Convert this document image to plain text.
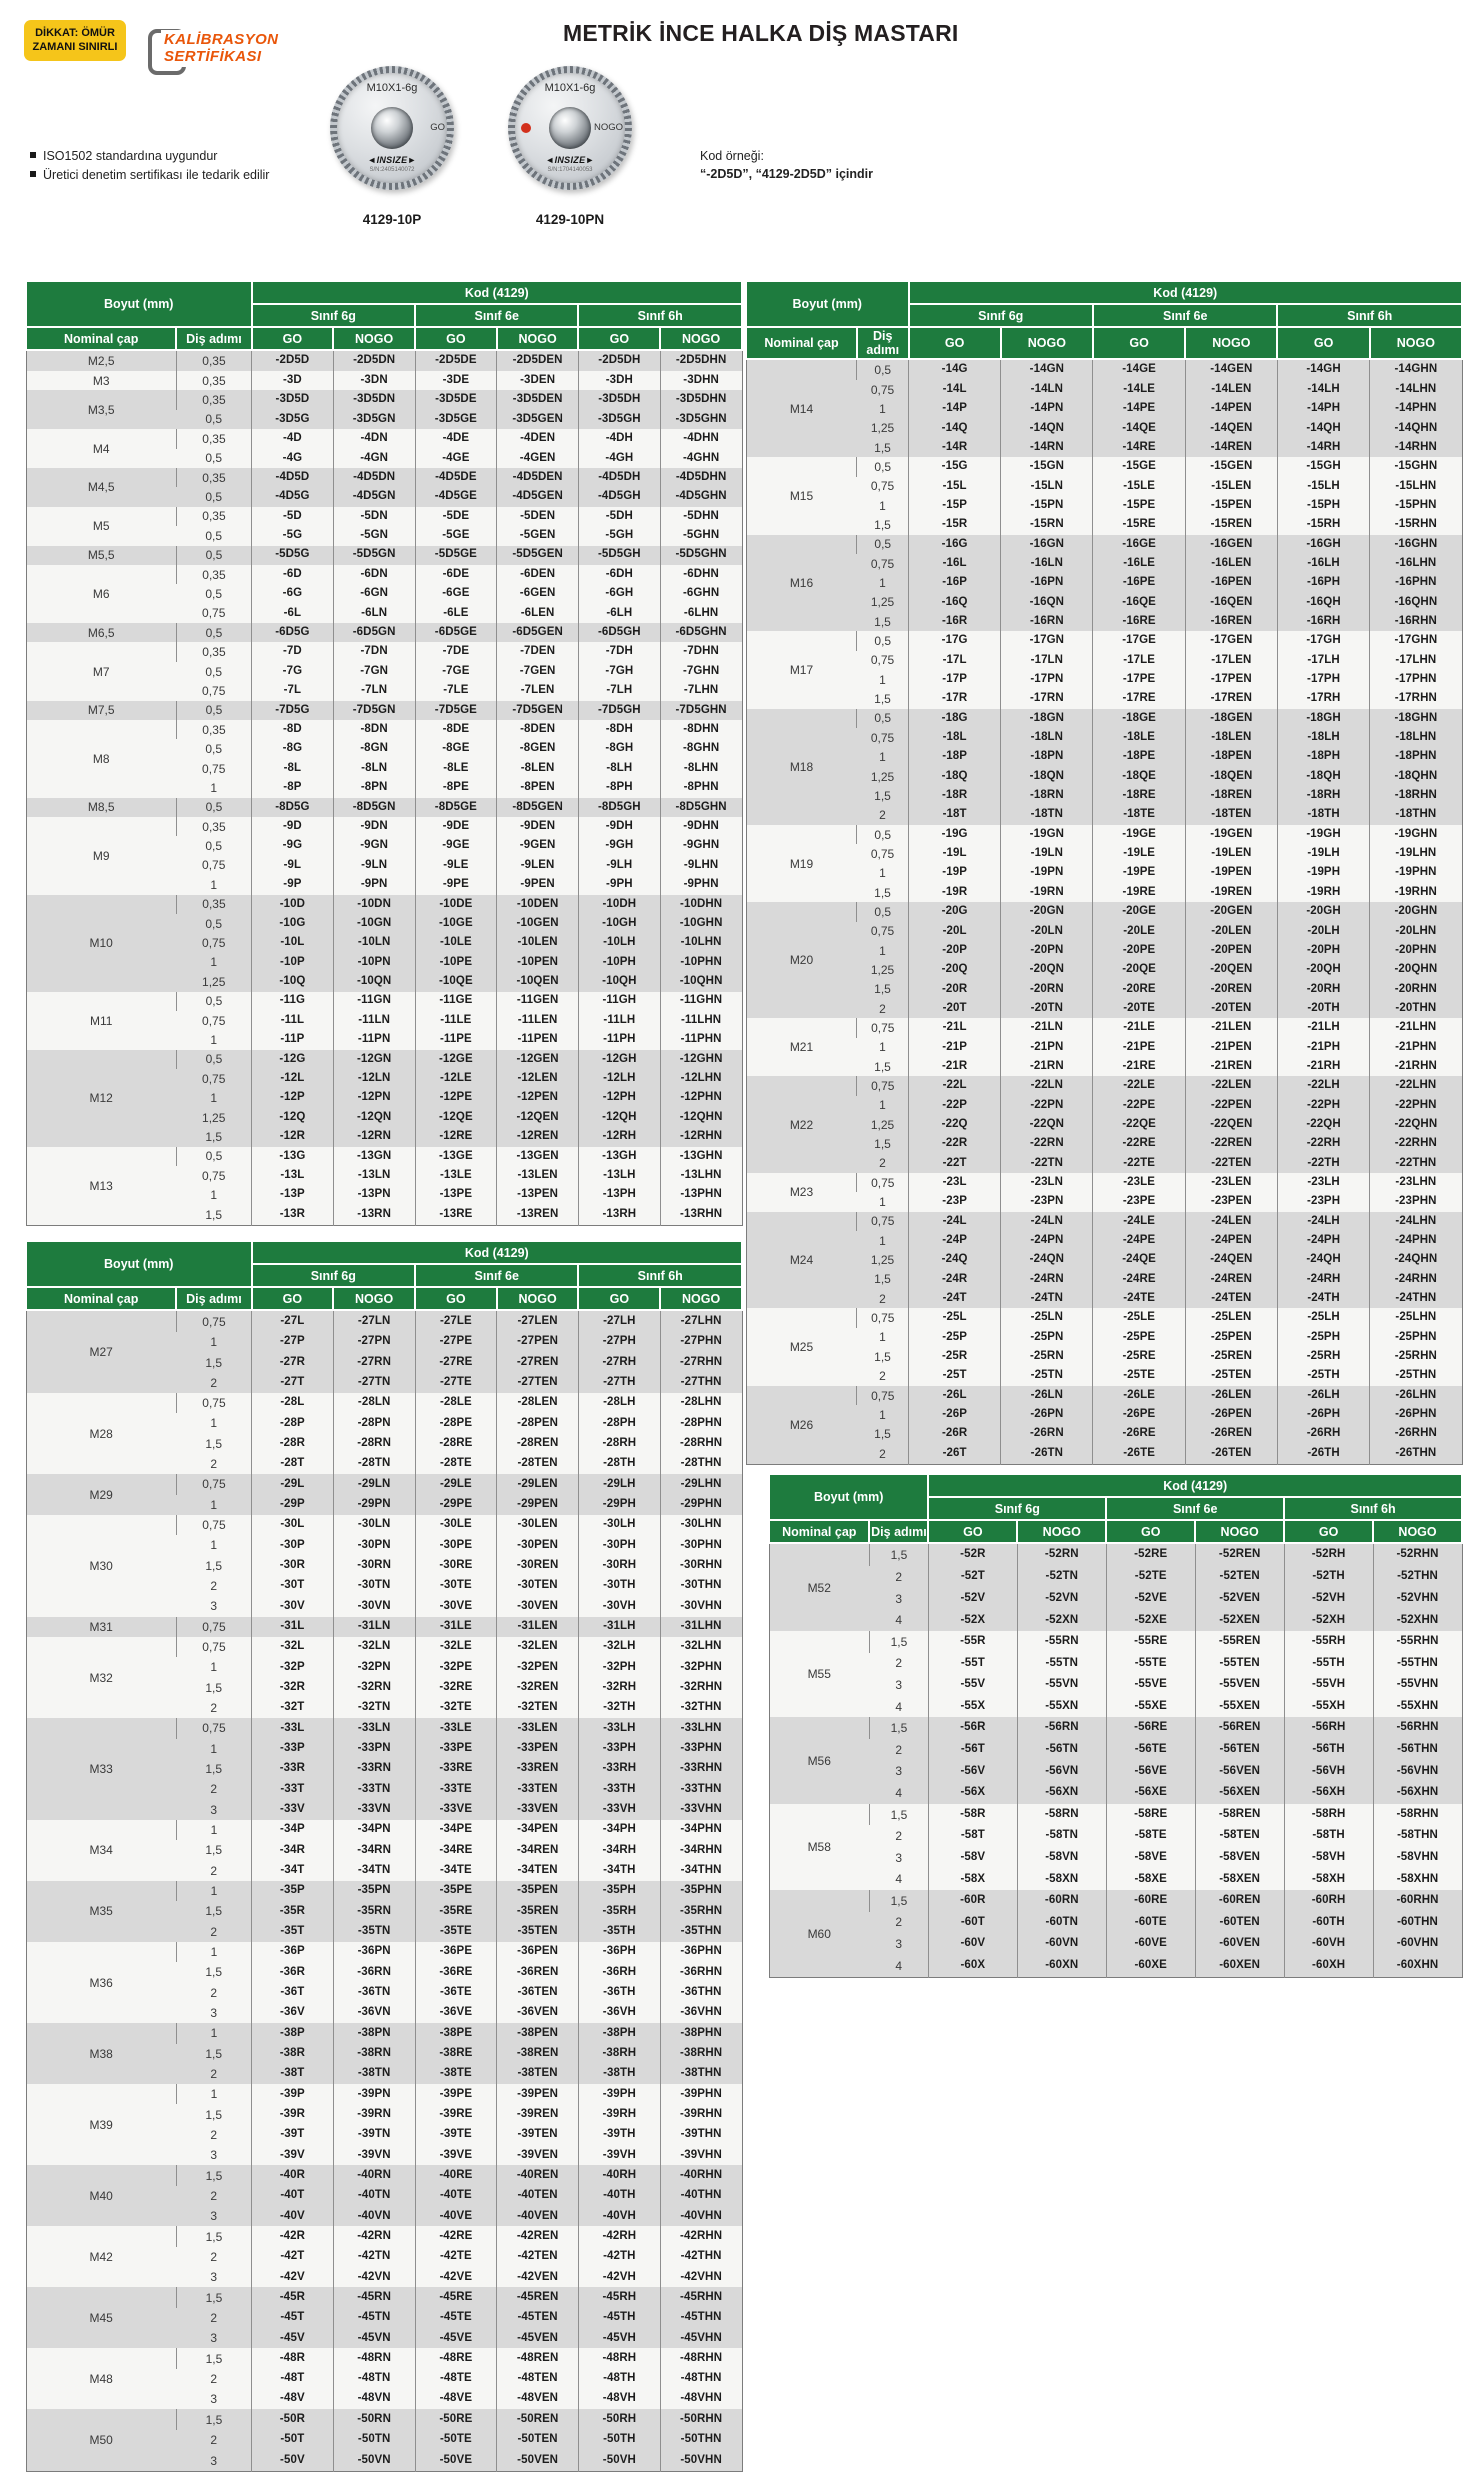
DİKKAT: ÖMÜR
ZAMANI SINIRLI	KALİBRASYON
SERTİFİKASI
METRİK İNCE HALKA DİŞ MASTARI
M10X1-6g
GO
◄INSIZE►
S/N:2405140072
4129-10P
M10X1-6g
NOGO
◄INSIZE►
S/N:1704140053
4129-10PN
ISO1502 standardına uygundur
Üretici denetim sertifikası ile tedarik edilir
Kod örneği:
“-2D5D”, “4129-2D5D” içindir
Boyut (mm)		Kod (4129)					
		Sınıf 6g		Sınıf 6e		Sınıf 6h	
Nominal çap	Diş adımı	GO	NOGO	GO	NOGO	GO	NOGO
M2,5	0,35	-2D5D	-2D5DN	-2D5DE	-2D5DEN	-2D5DH	-2D5DHN
M3	0,35	-3D	-3DN	-3DE	-3DEN	-3DH	-3DHN
M3,5	0,35	-3D5D	-3D5DN	-3D5DE	-3D5DEN	-3D5DH	-3D5DHN
	0,5	-3D5G	-3D5GN	-3D5GE	-3D5GEN	-3D5GH	-3D5GHN
M4	0,35	-4D	-4DN	-4DE	-4DEN	-4DH	-4DHN
	0,5	-4G	-4GN	-4GE	-4GEN	-4GH	-4GHN
M4,5	0,35	-4D5D	-4D5DN	-4D5DE	-4D5DEN	-4D5DH	-4D5DHN
	0,5	-4D5G	-4D5GN	-4D5GE	-4D5GEN	-4D5GH	-4D5GHN
M5	0,35	-5D	-5DN	-5DE	-5DEN	-5DH	-5DHN
	0,5	-5G	-5GN	-5GE	-5GEN	-5GH	-5GHN
M5,5	0,5	-5D5G	-5D5GN	-5D5GE	-5D5GEN	-5D5GH	-5D5GHN
M6	0,35	-6D	-6DN	-6DE	-6DEN	-6DH	-6DHN
	0,5	-6G	-6GN	-6GE	-6GEN	-6GH	-6GHN
	0,75	-6L	-6LN	-6LE	-6LEN	-6LH	-6LHN
M6,5	0,5	-6D5G	-6D5GN	-6D5GE	-6D5GEN	-6D5GH	-6D5GHN
M7	0,35	-7D	-7DN	-7DE	-7DEN	-7DH	-7DHN
	0,5	-7G	-7GN	-7GE	-7GEN	-7GH	-7GHN
	0,75	-7L	-7LN	-7LE	-7LEN	-7LH	-7LHN
M7,5	0,5	-7D5G	-7D5GN	-7D5GE	-7D5GEN	-7D5GH	-7D5GHN
M8	0,35	-8D	-8DN	-8DE	-8DEN	-8DH	-8DHN
	0,5	-8G	-8GN	-8GE	-8GEN	-8GH	-8GHN
	0,75	-8L	-8LN	-8LE	-8LEN	-8LH	-8LHN
	1	-8P	-8PN	-8PE	-8PEN	-8PH	-8PHN
M8,5	0,5	-8D5G	-8D5GN	-8D5GE	-8D5GEN	-8D5GH	-8D5GHN
M9	0,35	-9D	-9DN	-9DE	-9DEN	-9DH	-9DHN
	0,5	-9G	-9GN	-9GE	-9GEN	-9GH	-9GHN
	0,75	-9L	-9LN	-9LE	-9LEN	-9LH	-9LHN
	1	-9P	-9PN	-9PE	-9PEN	-9PH	-9PHN
M10	0,35	-10D	-10DN	-10DE	-10DEN	-10DH	-10DHN
	0,5	-10G	-10GN	-10GE	-10GEN	-10GH	-10GHN
	0,75	-10L	-10LN	-10LE	-10LEN	-10LH	-10LHN
	1	-10P	-10PN	-10PE	-10PEN	-10PH	-10PHN
	1,25	-10Q	-10QN	-10QE	-10QEN	-10QH	-10QHN
M11	0,5	-11G	-11GN	-11GE	-11GEN	-11GH	-11GHN
	0,75	-11L	-11LN	-11LE	-11LEN	-11LH	-11LHN
	1	-11P	-11PN	-11PE	-11PEN	-11PH	-11PHN
M12	0,5	-12G	-12GN	-12GE	-12GEN	-12GH	-12GHN
	0,75	-12L	-12LN	-12LE	-12LEN	-12LH	-12LHN
	1	-12P	-12PN	-12PE	-12PEN	-12PH	-12PHN
	1,25	-12Q	-12QN	-12QE	-12QEN	-12QH	-12QHN
	1,5	-12R	-12RN	-12RE	-12REN	-12RH	-12RHN
M13	0,5	-13G	-13GN	-13GE	-13GEN	-13GH	-13GHN
	0,75	-13L	-13LN	-13LE	-13LEN	-13LH	-13LHN
	1	-13P	-13PN	-13PE	-13PEN	-13PH	-13PHN
	1,5	-13R	-13RN	-13RE	-13REN	-13RH	-13RHN
Boyut (mm)		Kod (4129)					
		Sınıf 6g		Sınıf 6e		Sınıf 6h	
Nominal çap	Diş adımı	GO	NOGO	GO	NOGO	GO	NOGO
M14	0,5	-14G	-14GN	-14GE	-14GEN	-14GH	-14GHN
	0,75	-14L	-14LN	-14LE	-14LEN	-14LH	-14LHN
	1	-14P	-14PN	-14PE	-14PEN	-14PH	-14PHN
	1,25	-14Q	-14QN	-14QE	-14QEN	-14QH	-14QHN
	1,5	-14R	-14RN	-14RE	-14REN	-14RH	-14RHN
M15	0,5	-15G	-15GN	-15GE	-15GEN	-15GH	-15GHN
	0,75	-15L	-15LN	-15LE	-15LEN	-15LH	-15LHN
	1	-15P	-15PN	-15PE	-15PEN	-15PH	-15PHN
	1,5	-15R	-15RN	-15RE	-15REN	-15RH	-15RHN
M16	0,5	-16G	-16GN	-16GE	-16GEN	-16GH	-16GHN
	0,75	-16L	-16LN	-16LE	-16LEN	-16LH	-16LHN
	1	-16P	-16PN	-16PE	-16PEN	-16PH	-16PHN
	1,25	-16Q	-16QN	-16QE	-16QEN	-16QH	-16QHN
	1,5	-16R	-16RN	-16RE	-16REN	-16RH	-16RHN
M17	0,5	-17G	-17GN	-17GE	-17GEN	-17GH	-17GHN
	0,75	-17L	-17LN	-17LE	-17LEN	-17LH	-17LHN
	1	-17P	-17PN	-17PE	-17PEN	-17PH	-17PHN
	1,5	-17R	-17RN	-17RE	-17REN	-17RH	-17RHN
M18	0,5	-18G	-18GN	-18GE	-18GEN	-18GH	-18GHN
	0,75	-18L	-18LN	-18LE	-18LEN	-18LH	-18LHN
	1	-18P	-18PN	-18PE	-18PEN	-18PH	-18PHN
	1,25	-18Q	-18QN	-18QE	-18QEN	-18QH	-18QHN
	1,5	-18R	-18RN	-18RE	-18REN	-18RH	-18RHN
	2	-18T	-18TN	-18TE	-18TEN	-18TH	-18THN
M19	0,5	-19G	-19GN	-19GE	-19GEN	-19GH	-19GHN
	0,75	-19L	-19LN	-19LE	-19LEN	-19LH	-19LHN
	1	-19P	-19PN	-19PE	-19PEN	-19PH	-19PHN
	1,5	-19R	-19RN	-19RE	-19REN	-19RH	-19RHN
M20	0,5	-20G	-20GN	-20GE	-20GEN	-20GH	-20GHN
	0,75	-20L	-20LN	-20LE	-20LEN	-20LH	-20LHN
	1	-20P	-20PN	-20PE	-20PEN	-20PH	-20PHN
	1,25	-20Q	-20QN	-20QE	-20QEN	-20QH	-20QHN
	1,5	-20R	-20RN	-20RE	-20REN	-20RH	-20RHN
	2	-20T	-20TN	-20TE	-20TEN	-20TH	-20THN
M21	0,75	-21L	-21LN	-21LE	-21LEN	-21LH	-21LHN
	1	-21P	-21PN	-21PE	-21PEN	-21PH	-21PHN
	1,5	-21R	-21RN	-21RE	-21REN	-21RH	-21RHN
M22	0,75	-22L	-22LN	-22LE	-22LEN	-22LH	-22LHN
	1	-22P	-22PN	-22PE	-22PEN	-22PH	-22PHN
	1,25	-22Q	-22QN	-22QE	-22QEN	-22QH	-22QHN
	1,5	-22R	-22RN	-22RE	-22REN	-22RH	-22RHN
	2	-22T	-22TN	-22TE	-22TEN	-22TH	-22THN
M23	0,75	-23L	-23LN	-23LE	-23LEN	-23LH	-23LHN
	1	-23P	-23PN	-23PE	-23PEN	-23PH	-23PHN
M24	0,75	-24L	-24LN	-24LE	-24LEN	-24LH	-24LHN
	1	-24P	-24PN	-24PE	-24PEN	-24PH	-24PHN
	1,25	-24Q	-24QN	-24QE	-24QEN	-24QH	-24QHN
	1,5	-24R	-24RN	-24RE	-24REN	-24RH	-24RHN
	2	-24T	-24TN	-24TE	-24TEN	-24TH	-24THN
M25	0,75	-25L	-25LN	-25LE	-25LEN	-25LH	-25LHN
	1	-25P	-25PN	-25PE	-25PEN	-25PH	-25PHN
	1,5	-25R	-25RN	-25RE	-25REN	-25RH	-25RHN
	2	-25T	-25TN	-25TE	-25TEN	-25TH	-25THN
M26	0,75	-26L	-26LN	-26LE	-26LEN	-26LH	-26LHN
	1	-26P	-26PN	-26PE	-26PEN	-26PH	-26PHN
	1,5	-26R	-26RN	-26RE	-26REN	-26RH	-26RHN
	2	-26T	-26TN	-26TE	-26TEN	-26TH	-26THN
Boyut (mm)		Kod (4129)					
		Sınıf 6g		Sınıf 6e		Sınıf 6h	
Nominal çap	Diş adımı	GO	NOGO	GO	NOGO	GO	NOGO
M27	0,75	-27L	-27LN	-27LE	-27LEN	-27LH	-27LHN
	1	-27P	-27PN	-27PE	-27PEN	-27PH	-27PHN
	1,5	-27R	-27RN	-27RE	-27REN	-27RH	-27RHN
	2	-27T	-27TN	-27TE	-27TEN	-27TH	-27THN
M28	0,75	-28L	-28LN	-28LE	-28LEN	-28LH	-28LHN
	1	-28P	-28PN	-28PE	-28PEN	-28PH	-28PHN
	1,5	-28R	-28RN	-28RE	-28REN	-28RH	-28RHN
	2	-28T	-28TN	-28TE	-28TEN	-28TH	-28THN
M29	0,75	-29L	-29LN	-29LE	-29LEN	-29LH	-29LHN
	1	-29P	-29PN	-29PE	-29PEN	-29PH	-29PHN
M30	0,75	-30L	-30LN	-30LE	-30LEN	-30LH	-30LHN
	1	-30P	-30PN	-30PE	-30PEN	-30PH	-30PHN
	1,5	-30R	-30RN	-30RE	-30REN	-30RH	-30RHN
	2	-30T	-30TN	-30TE	-30TEN	-30TH	-30THN
	3	-30V	-30VN	-30VE	-30VEN	-30VH	-30VHN
M31	0,75	-31L	-31LN	-31LE	-31LEN	-31LH	-31LHN
M32	0,75	-32L	-32LN	-32LE	-32LEN	-32LH	-32LHN
	1	-32P	-32PN	-32PE	-32PEN	-32PH	-32PHN
	1,5	-32R	-32RN	-32RE	-32REN	-32RH	-32RHN
	2	-32T	-32TN	-32TE	-32TEN	-32TH	-32THN
M33	0,75	-33L	-33LN	-33LE	-33LEN	-33LH	-33LHN
	1	-33P	-33PN	-33PE	-33PEN	-33PH	-33PHN
	1,5	-33R	-33RN	-33RE	-33REN	-33RH	-33RHN
	2	-33T	-33TN	-33TE	-33TEN	-33TH	-33THN
	3	-33V	-33VN	-33VE	-33VEN	-33VH	-33VHN
M34	1	-34P	-34PN	-34PE	-34PEN	-34PH	-34PHN
	1,5	-34R	-34RN	-34RE	-34REN	-34RH	-34RHN
	2	-34T	-34TN	-34TE	-34TEN	-34TH	-34THN
M35	1	-35P	-35PN	-35PE	-35PEN	-35PH	-35PHN
	1,5	-35R	-35RN	-35RE	-35REN	-35RH	-35RHN
	2	-35T	-35TN	-35TE	-35TEN	-35TH	-35THN
M36	1	-36P	-36PN	-36PE	-36PEN	-36PH	-36PHN
	1,5	-36R	-36RN	-36RE	-36REN	-36RH	-36RHN
	2	-36T	-36TN	-36TE	-36TEN	-36TH	-36THN
	3	-36V	-36VN	-36VE	-36VEN	-36VH	-36VHN
M38	1	-38P	-38PN	-38PE	-38PEN	-38PH	-38PHN
	1,5	-38R	-38RN	-38RE	-38REN	-38RH	-38RHN
	2	-38T	-38TN	-38TE	-38TEN	-38TH	-38THN
M39	1	-39P	-39PN	-39PE	-39PEN	-39PH	-39PHN
	1,5	-39R	-39RN	-39RE	-39REN	-39RH	-39RHN
	2	-39T	-39TN	-39TE	-39TEN	-39TH	-39THN
	3	-39V	-39VN	-39VE	-39VEN	-39VH	-39VHN
M40	1,5	-40R	-40RN	-40RE	-40REN	-40RH	-40RHN
	2	-40T	-40TN	-40TE	-40TEN	-40TH	-40THN
	3	-40V	-40VN	-40VE	-40VEN	-40VH	-40VHN
M42	1,5	-42R	-42RN	-42RE	-42REN	-42RH	-42RHN
	2	-42T	-42TN	-42TE	-42TEN	-42TH	-42THN
	3	-42V	-42VN	-42VE	-42VEN	-42VH	-42VHN
M45	1,5	-45R	-45RN	-45RE	-45REN	-45RH	-45RHN
	2	-45T	-45TN	-45TE	-45TEN	-45TH	-45THN
	3	-45V	-45VN	-45VE	-45VEN	-45VH	-45VHN
M48	1,5	-48R	-48RN	-48RE	-48REN	-48RH	-48RHN
	2	-48T	-48TN	-48TE	-48TEN	-48TH	-48THN
	3	-48V	-48VN	-48VE	-48VEN	-48VH	-48VHN
M50	1,5	-50R	-50RN	-50RE	-50REN	-50RH	-50RHN
	2	-50T	-50TN	-50TE	-50TEN	-50TH	-50THN
	3	-50V	-50VN	-50VE	-50VEN	-50VH	-50VHN
Boyut (mm)		Kod (4129)					
		Sınıf 6g		Sınıf 6e		Sınıf 6h	
Nominal çap	Diş adımı	GO	NOGO	GO	NOGO	GO	NOGO
M52	1,5	-52R	-52RN	-52RE	-52REN	-52RH	-52RHN
	2	-52T	-52TN	-52TE	-52TEN	-52TH	-52THN
	3	-52V	-52VN	-52VE	-52VEN	-52VH	-52VHN
	4	-52X	-52XN	-52XE	-52XEN	-52XH	-52XHN
M55	1,5	-55R	-55RN	-55RE	-55REN	-55RH	-55RHN
	2	-55T	-55TN	-55TE	-55TEN	-55TH	-55THN
	3	-55V	-55VN	-55VE	-55VEN	-55VH	-55VHN
	4	-55X	-55XN	-55XE	-55XEN	-55XH	-55XHN
M56	1,5	-56R	-56RN	-56RE	-56REN	-56RH	-56RHN
	2	-56T	-56TN	-56TE	-56TEN	-56TH	-56THN
	3	-56V	-56VN	-56VE	-56VEN	-56VH	-56VHN
	4	-56X	-56XN	-56XE	-56XEN	-56XH	-56XHN
M58	1,5	-58R	-58RN	-58RE	-58REN	-58RH	-58RHN
	2	-58T	-58TN	-58TE	-58TEN	-58TH	-58THN
	3	-58V	-58VN	-58VE	-58VEN	-58VH	-58VHN
	4	-58X	-58XN	-58XE	-58XEN	-58XH	-58XHN
M60	1,5	-60R	-60RN	-60RE	-60REN	-60RH	-60RHN
	2	-60T	-60TN	-60TE	-60TEN	-60TH	-60THN
	3	-60V	-60VN	-60VE	-60VEN	-60VH	-60VHN
	4	-60X	-60XN	-60XE	-60XEN	-60XH	-60XHN
